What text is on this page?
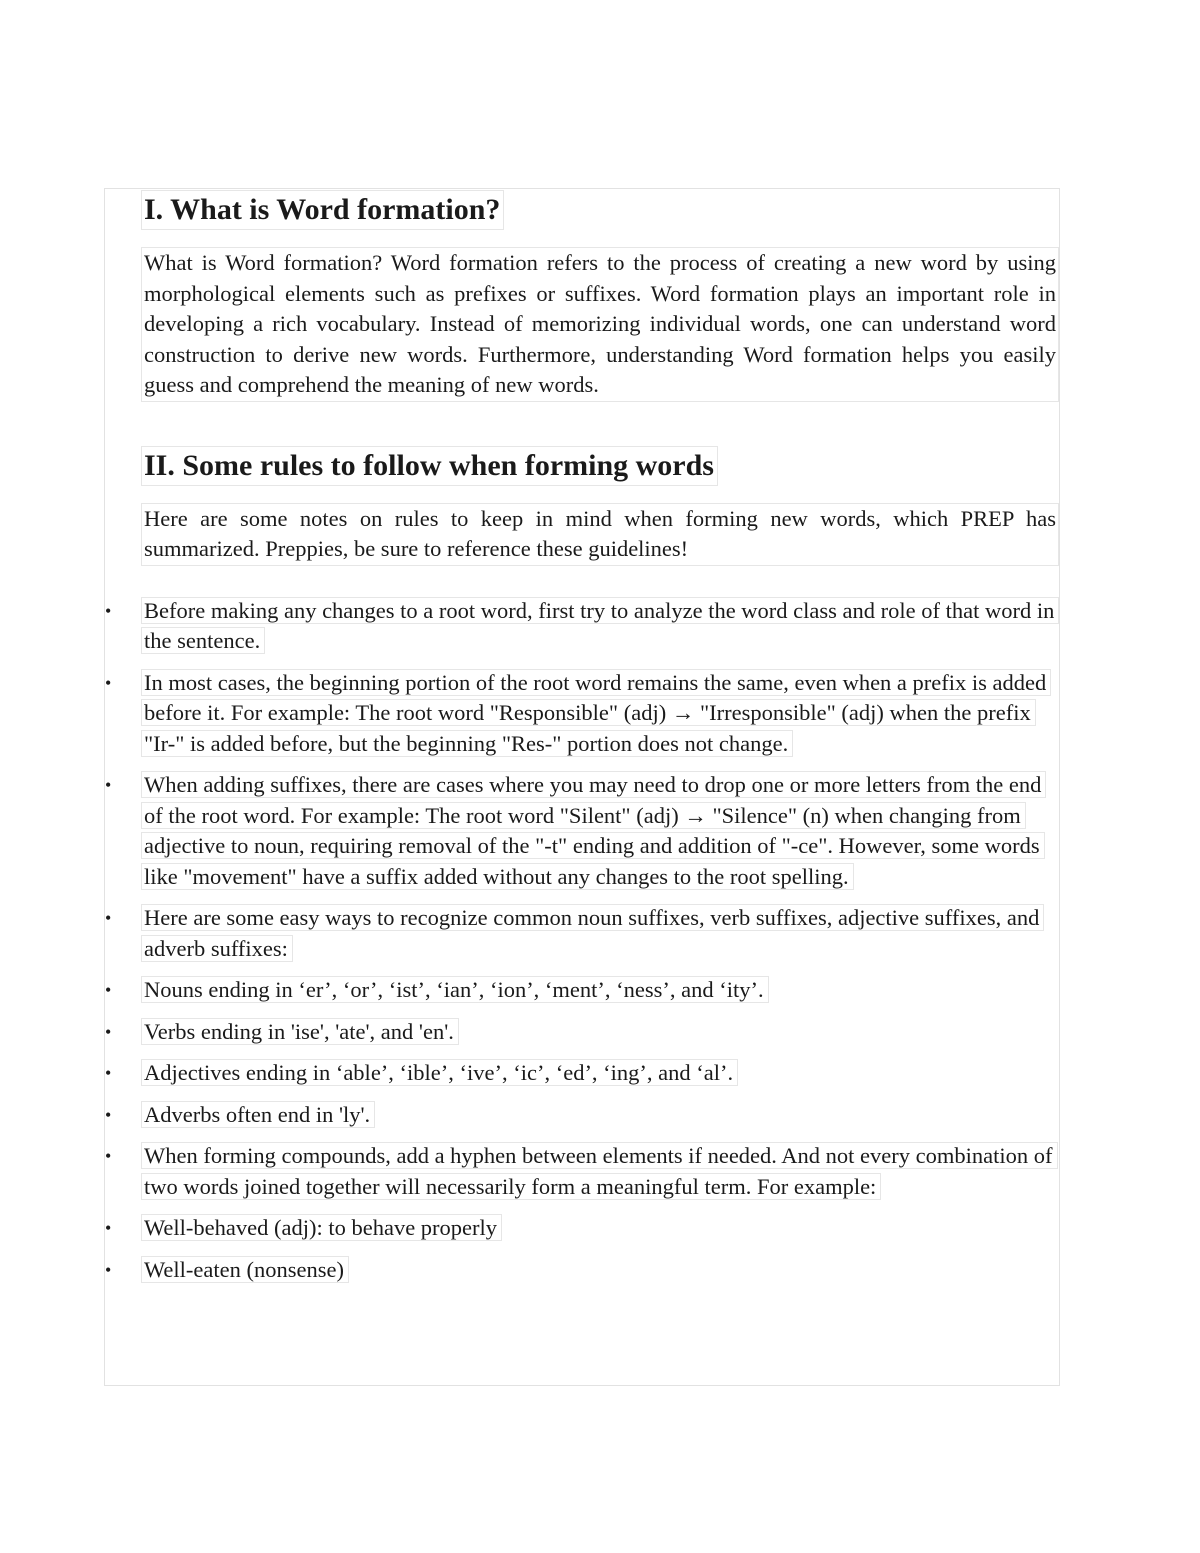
I. What is Word formation?
What is Word formation? Word formation refers to the process of creating a new word by using morphological elements such as prefixes or suffixes. Word formation plays an important role in developing a rich vocabulary. Instead of memorizing individual words, one can understand word construction to derive new words. Furthermore, understanding Word formation helps you easily guess and comprehend the meaning of new words.
II. Some rules to follow when forming words
Here are some notes on rules to keep in mind when forming new words, which PREP has summarized. Preppies, be sure to reference these guidelines!
• Before making any changes to a root word, first try to analyze the word class and role of that word in the sentence.
• In most cases, the beginning portion of the root word remains the same, even when a prefix is added before it. For example: The root word "Responsible" (adj) → "Irresponsible" (adj) when the prefix "Ir-" is added before, but the beginning "Res-" portion does not change.
• When adding suffixes, there are cases where you may need to drop one or more letters from the end of the root word. For example: The root word "Silent" (adj) → "Silence" (n) when changing from adjective to noun, requiring removal of the "-t" ending and addition of "-ce". However, some words like "movement" have a suffix added without any changes to the root spelling.
• Here are some easy ways to recognize common noun suffixes, verb suffixes, adjective suffixes, and adverb suffixes:
• Nouns ending in ‘er’, ‘or’, ‘ist’, ‘ian’, ‘ion’, ‘ment’, ‘ness’, and ‘ity’.
• Verbs ending in 'ise', 'ate', and 'en'.
• Adjectives ending in ‘able’, ‘ible’, ‘ive’, ‘ic’, ‘ed’, ‘ing’, and ‘al’.
• Adverbs often end in 'ly'.
• When forming compounds, add a hyphen between elements if needed. And not every combination of two words joined together will necessarily form a meaningful term. For example:
• Well-behaved (adj): to behave properly
• Well-eaten (nonsense)
